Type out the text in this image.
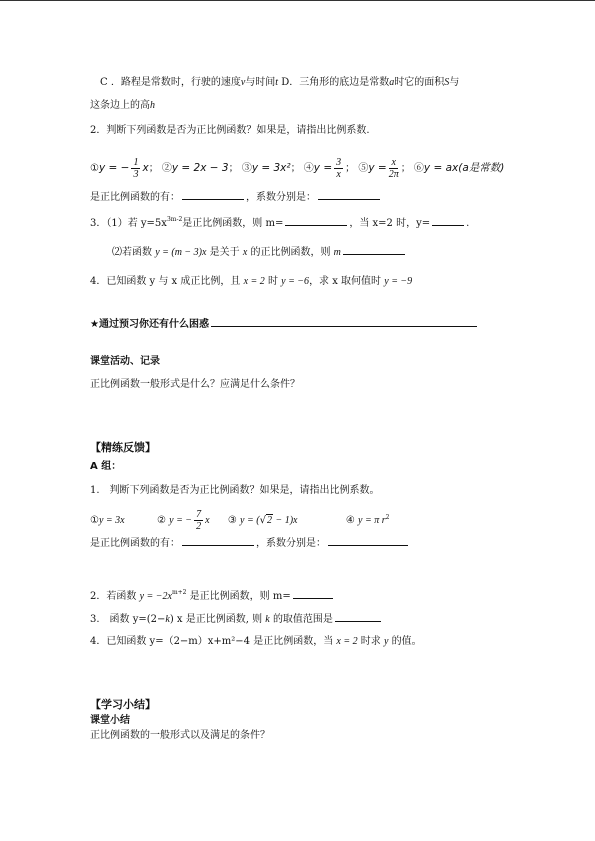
C ．路程是常数时，行驶的速度v与时间t D．三角形的底边是常数a时它的面积S与
这条边上的高h
2．判断下列函数是否为正比例函数？如果是，请指出比例系数.
①y = − $\frac{1}{3}$ x； ②y = 2x − 3； ③y = 3x²； ④y = $\frac{3}{x}$ ； ⑤y = $\frac{x}{2\pi}$ ； ⑥y = ax(a是常数)
是正比例函数的有：	，系数分别是：
3．（1）若 $y=5x^{3m-2}$是正比例函数，则 m=	，当 x=2 时，y=	.
⑵若函数 y = (m − 3)x 是关于 x 的正比例函数，则 m
4．已知函数 y 与 x 成正比例，且 x = 2 时 y = −6，求 x 取何值时 y = −9
★通过预习你还有什么困惑
课堂活动、记录
正比例函数一般形式是什么？应满足什么条件？
【精练反馈】
A 组：
1.　判断下列函数是否为正比例函数？如果是，请指出比例系数。
①y = 3x	② y = − $\frac{7}{2}$ x ③ y = (√2 − 1)x	④ y = π $r^2$
是正比例函数的有：	，系数分别是：
2．若函数 $y = -2x^{m+2}$ 是正比例函数，则 m=
3.　函数 y=(2−k) x 是正比例函数, 则 k 的取值范围是
4．已知函数 y=（2−m）x+m²−4 是正比例函数，当 x = 2 时求 y 的值。
【学习小结】
课堂小结
正比例函数的一般形式以及满足的条件？
